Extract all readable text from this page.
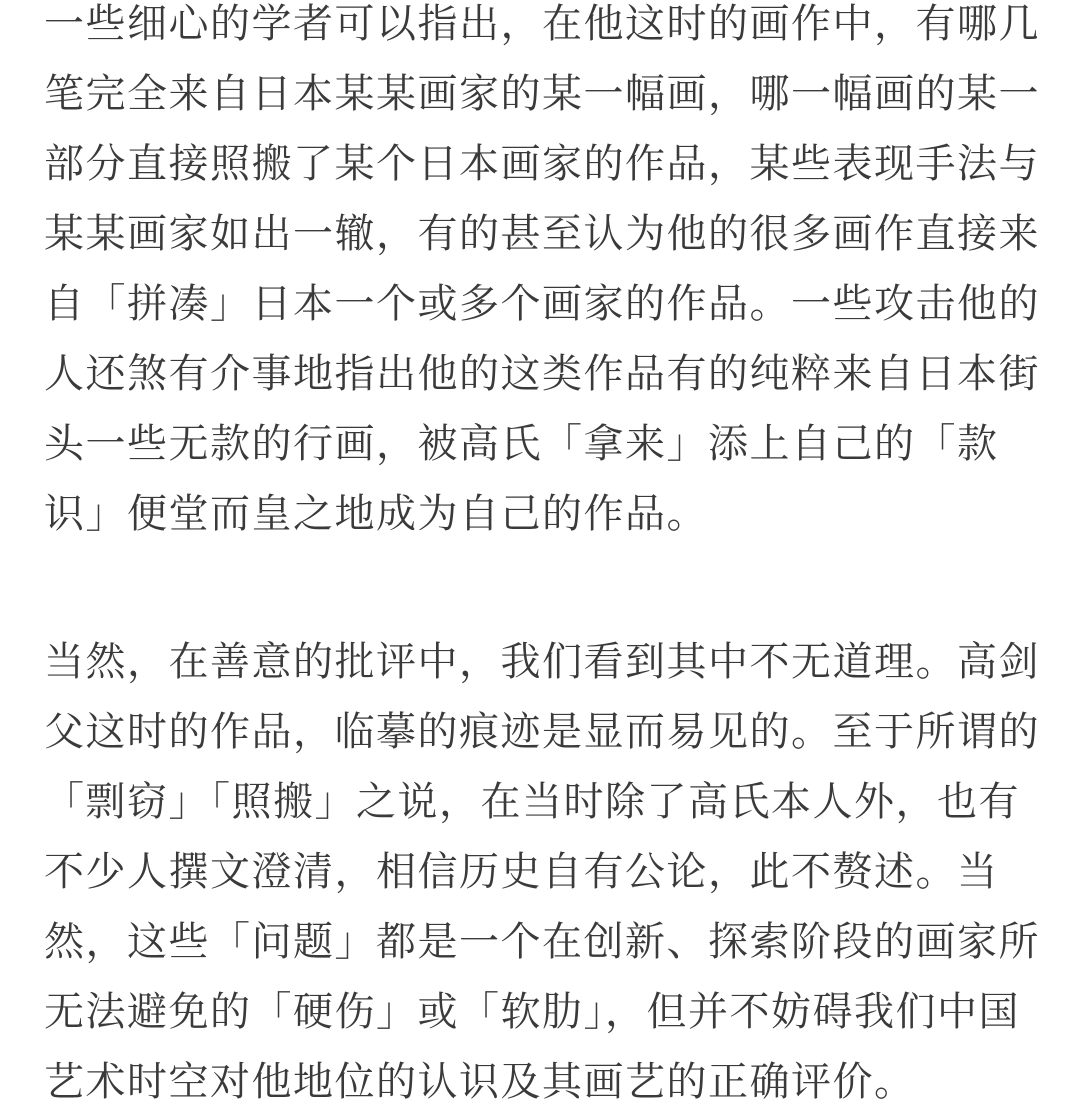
一些细心的学者可以指出，在他这时的画作中，有哪几
笔完全来自日本某某画家的某一幅画，哪一幅画的某一
部分直接照搬了某个日本画家的作品，某些表现手法与
某某画家如出一辙，有的甚至认为他的很多画作直接来
自「拼凑」日本一个或多个画家的作品。一些攻击他的
人还煞有介事地指出他的这类作品有的纯粹来自日本街
头一些无款的行画，被高氏「拿来」添上自己的「款
识」便堂而皇之地成为自己的作品。

当然，在善意的批评中，我们看到其中不无道理。高剑
父这时的作品，临摹的痕迹是显而易见的。至于所谓的
「剽窃」「照搬」之说，在当时除了高氏本人外，也有
不少人撰文澄清，相信历史自有公论，此不赘述。当
然，这些「问题」都是一个在创新、探索阶段的画家所
无法避免的「硬伤」或「软肋」，但并不妨碍我们中国
艺术时空对他地位的认识及其画艺的正确评价。
